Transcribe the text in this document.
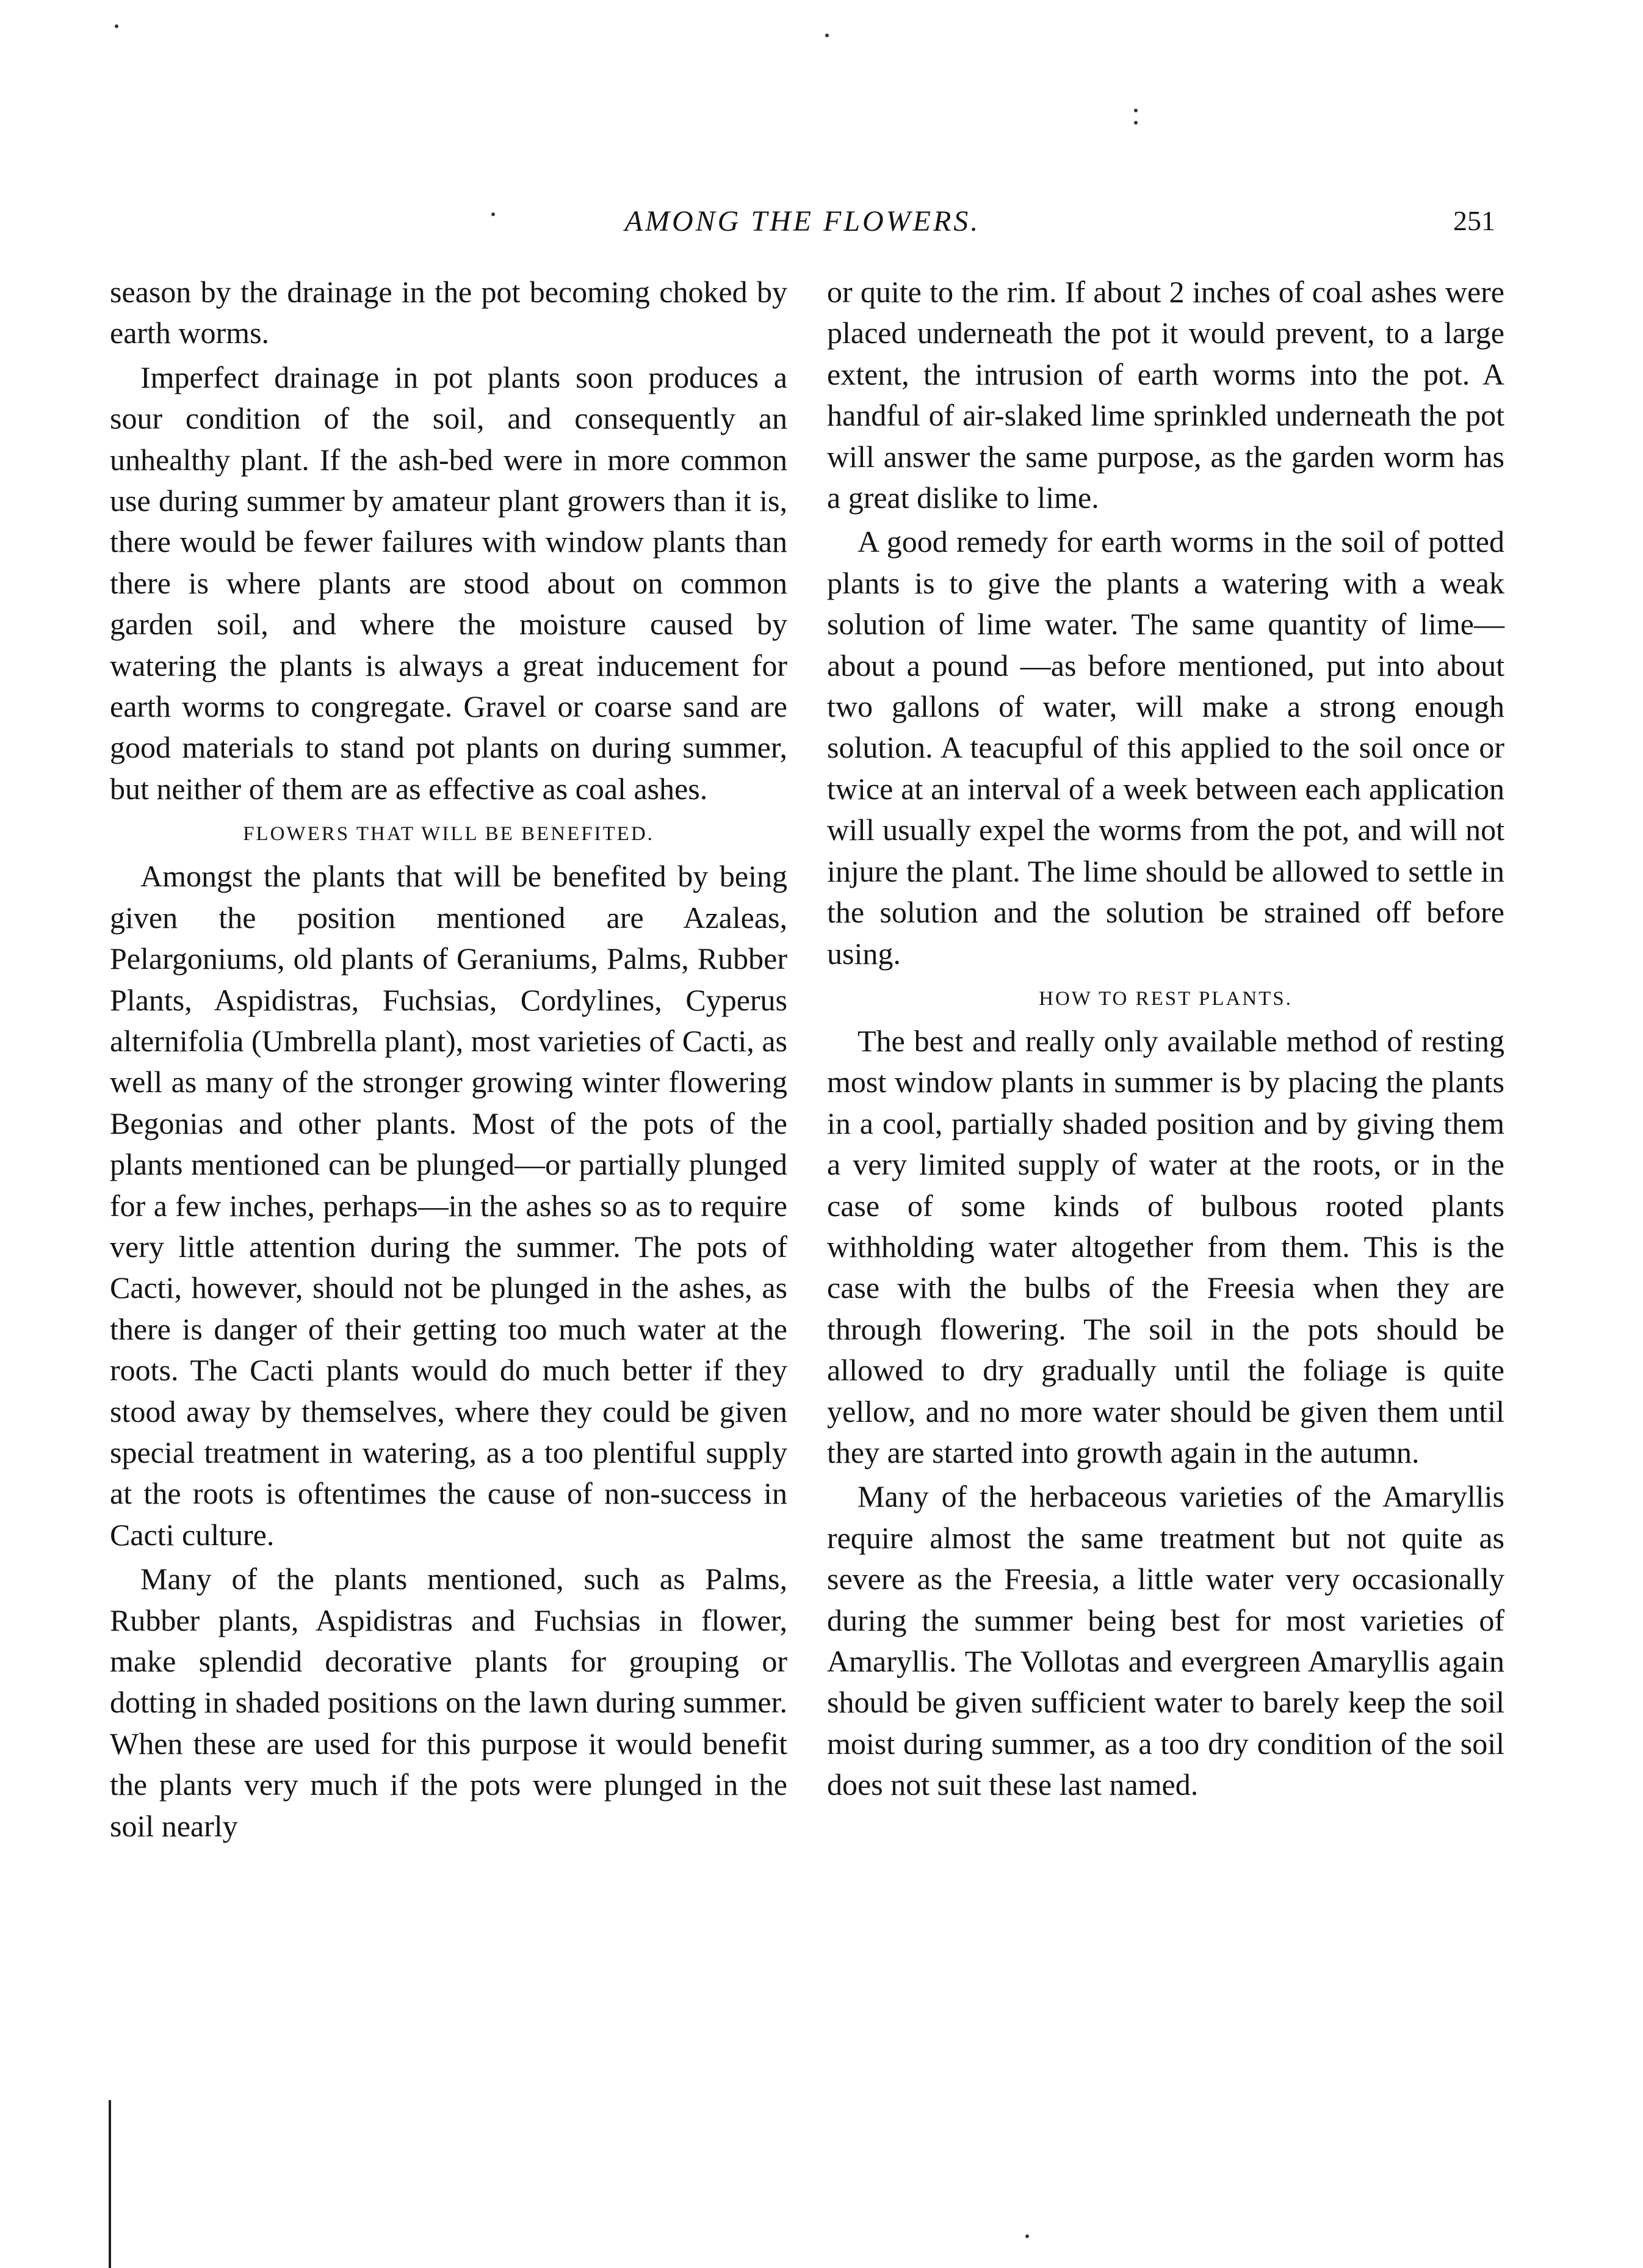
AMONG THE FLOWERS.	251

season by the drainage in the pot becoming choked by earth worms.

Imperfect drainage in pot plants soon produces a sour condition of the soil, and consequently an unhealthy plant. If the ash-bed were in more common use during summer by amateur plant growers than it is, there would be fewer failures with window plants than there is where plants are stood about on common garden soil, and where the moisture caused by watering the plants is always a great inducement for earth worms to congregate. Gravel or coarse sand are good materials to stand pot plants on during summer, but neither of them are as effective as coal ashes.

FLOWERS THAT WILL BE BENEFITED.

Amongst the plants that will be benefited by being given the position mentioned are Azaleas, Pelargoniums, old plants of Geraniums, Palms, Rubber Plants, Aspidistras, Fuchsias, Cordylines, Cyperus alternifolia (Umbrella plant), most varieties of Cacti, as well as many of the stronger growing winter flowering Begonias and other plants. Most of the pots of the plants mentioned can be plunged—or partially plunged for a few inches, perhaps—in the ashes so as to require very little attention during the summer. The pots of Cacti, however, should not be plunged in the ashes, as there is danger of their getting too much water at the roots. The Cacti plants would do much better if they stood away by themselves, where they could be given special treatment in watering, as a too plentiful supply at the roots is oftentimes the cause of non-success in Cacti culture.

Many of the plants mentioned, such as Palms, Rubber plants, Aspidistras and Fuchsias in flower, make splendid decorative plants for grouping or dotting in shaded positions on the lawn during summer. When these are used for this purpose it would benefit the plants very much if the pots were plunged in the soil nearly

or quite to the rim. If about 2 inches of coal ashes were placed underneath the pot it would prevent, to a large extent, the intrusion of earth worms into the pot. A handful of air-slaked lime sprinkled underneath the pot will answer the same purpose, as the garden worm has a great dislike to lime.

A good remedy for earth worms in the soil of potted plants is to give the plants a watering with a weak solution of lime water. The same quantity of lime—about a pound —as before mentioned, put into about two gallons of water, will make a strong enough solution. A teacupful of this applied to the soil once or twice at an interval of a week between each application will usually expel the worms from the pot, and will not injure the plant. The lime should be allowed to settle in the solution and the solution be strained off before using.

HOW TO REST PLANTS.

The best and really only available method of resting most window plants in summer is by placing the plants in a cool, partially shaded position and by giving them a very limited supply of water at the roots, or in the case of some kinds of bulbous rooted plants withholding water altogether from them. This is the case with the bulbs of the Freesia when they are through flowering. The soil in the pots should be allowed to dry gradually until the foliage is quite yellow, and no more water should be given them until they are started into growth again in the autumn.

Many of the herbaceous varieties of the Amaryllis require almost the same treatment but not quite as severe as the Freesia, a little water very occasionally during the summer being best for most varieties of Amaryllis. The Vollotas and evergreen Amaryllis again should be given sufficient water to barely keep the soil moist during summer, as a too dry condition of the soil does not suit these last named.
